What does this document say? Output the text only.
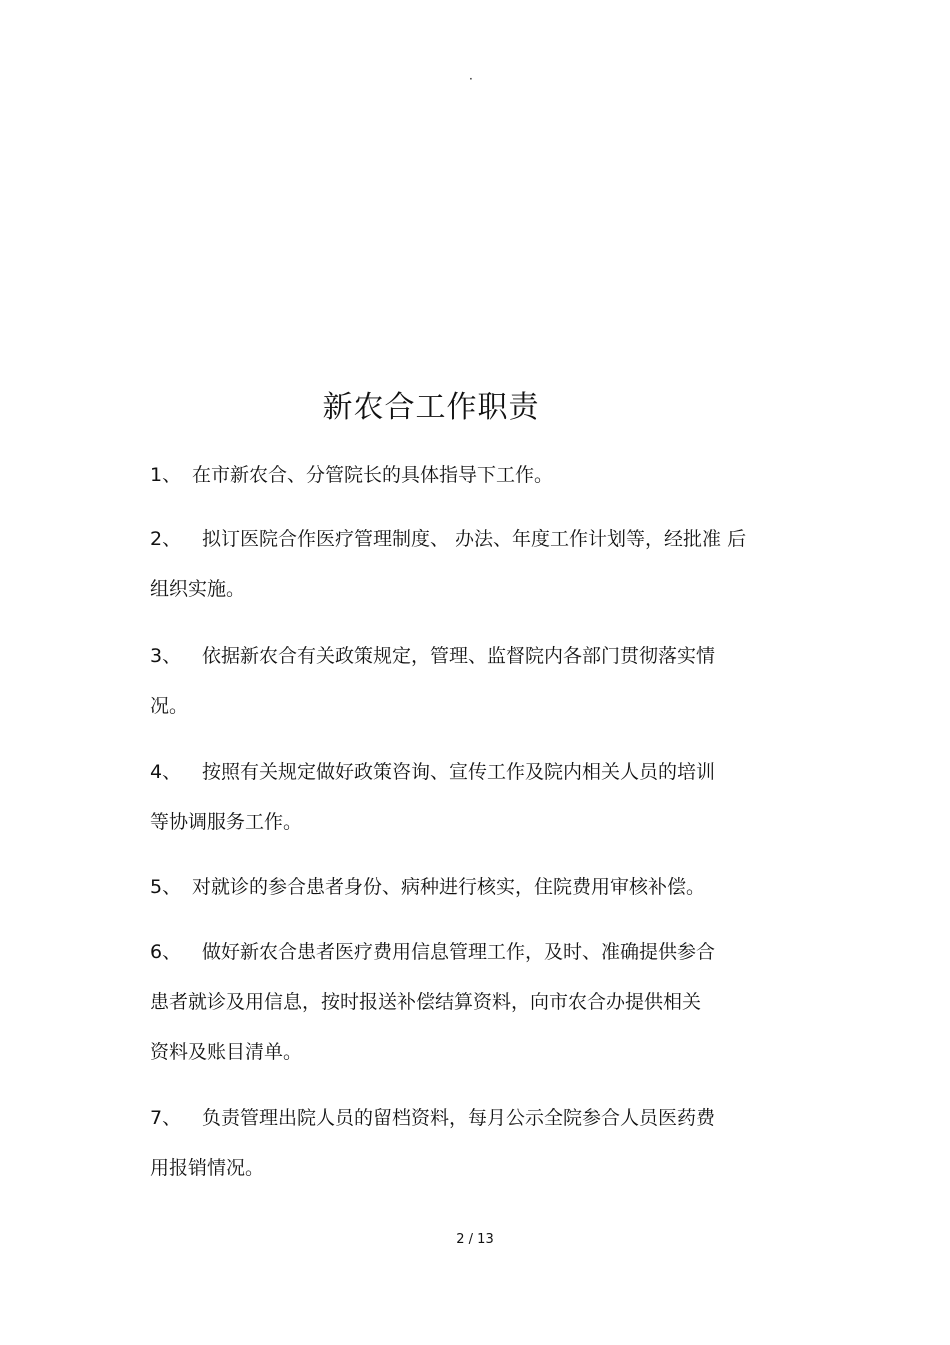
·
新农合工作职责
1、 在市新农合、分管院长的具体指导下工作。
2、 拟订医院合作医疗管理制度、 办法、年度工作计划等，经批准 后
组织实施。
3、 依据新农合有关政策规定，管理、监督院内各部门贯彻落实情
况。
4、 按照有关规定做好政策咨询、宣传工作及院内相关人员的培训
等协调服务工作。
5、 对就诊的参合患者身份、病种进行核实，住院费用审核补偿。
6、 做好新农合患者医疗费用信息管理工作，及时、准确提供参合
患者就诊及用信息，按时报送补偿结算资料，向市农合办提供相关
资料及账目清单。
7、 负责管理出院人员的留档资料，每月公示全院参合人员医药费
用报销情况。
2 / 13
